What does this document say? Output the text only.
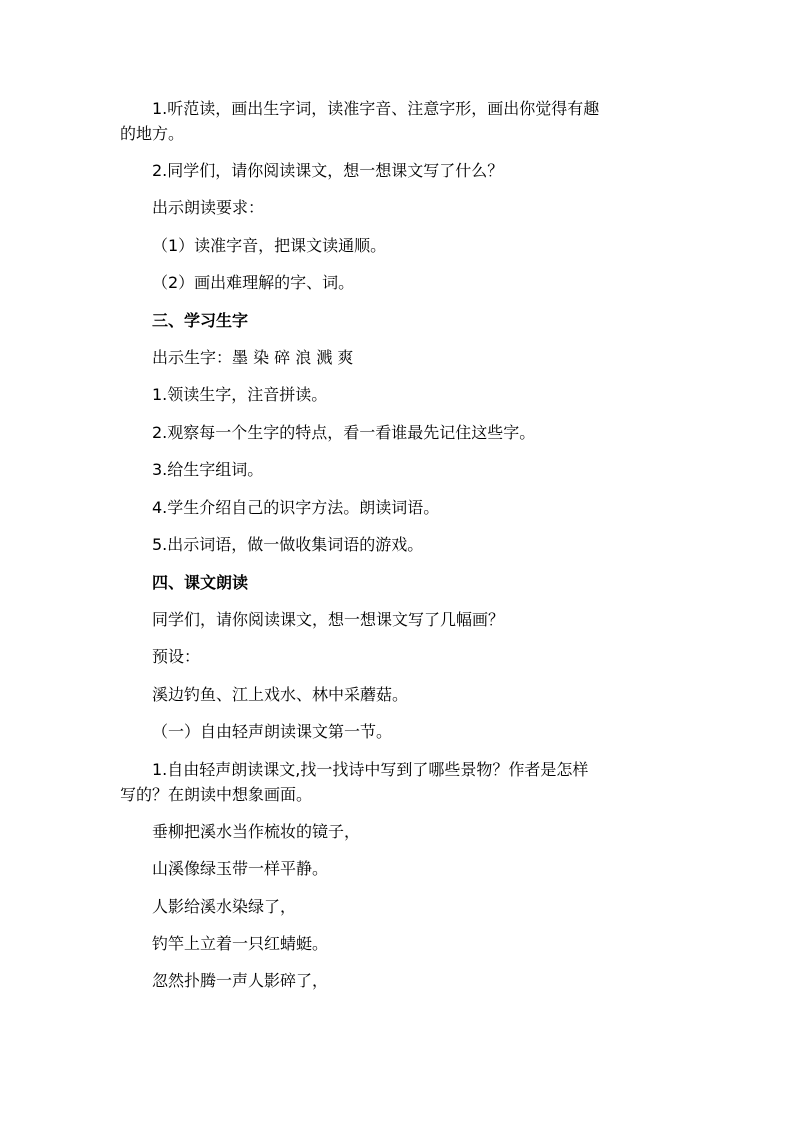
1.听范读，画出生字词，读准字音、注意字形，画出你觉得有趣
的地方。
2.同学们，请你阅读课文，想一想课文写了什么？
出示朗读要求：
（1）读准字音，把课文读通顺。
（2）画出难理解的字、词。
三、学习生字
出示生字：墨 染 碎 浪 溅 爽
1.领读生字，注音拼读。
2.观察每一个生字的特点，看一看谁最先记住这些字。
3.给生字组词。
4.学生介绍自己的识字方法。朗读词语。
5.出示词语，做一做收集词语的游戏。
四、课文朗读
同学们，请你阅读课文，想一想课文写了几幅画？
预设：
溪边钓鱼、江上戏水、林中采蘑菇。
（一）自由轻声朗读课文第一节。
1.自由轻声朗读课文,找一找诗中写到了哪些景物？作者是怎样
写的？在朗读中想象画面。
垂柳把溪水当作梳妆的镜子，
山溪像绿玉带一样平静。
人影给溪水染绿了，
钓竿上立着一只红蜻蜓。
忽然扑腾一声人影碎了，
